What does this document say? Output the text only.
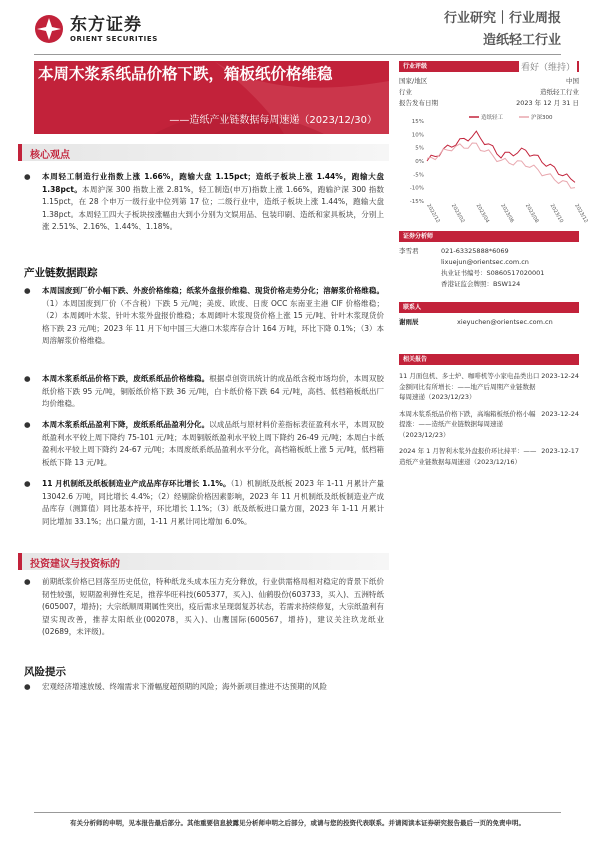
东方证券
ORIENT SECURITIES
行业研究｜行业周报
造纸轻工行业
本周木浆系纸品价格下跌，箱板纸价格维稳
——造纸产业链数据每周速递（2023/12/30）
核心观点
● 本周轻工制造行业指数上涨 1.66%，跑输大盘 1.15pct；造纸子板块上涨 1.44%，跑输大盘 1.38pct。本周沪深 300 指数上涨 2.81%，轻工制造(申万)指数上涨 1.66%，跑输沪深 300 指数 1.15pct，在 28 个申万一级行业中位列第 17 位；二级行业中，造纸子板块上涨 1.44%，跑输大盘 1.38pct。本周轻工四大子板块按涨幅由大到小分别为文娱用品、包装印刷、造纸和家具板块，分别上涨 2.51%、2.16%、1.44%、1.18%。
产业链数据跟踪
● 本周国废到厂价小幅下跌、外废价格维稳；纸浆外盘报价维稳、现货价格走势分化；溶解浆价格维稳。（1）本周国废到厂价（不含税）下跌 5 元/吨；美废、欧废、日废 OCC 东南亚主港 CIF 价格维稳；（2）本周阔叶木浆、针叶木浆外盘报价维稳；本周阔叶木浆现货价格上涨 15 元/吨、针叶木浆现货价格下跌 23 元/吨；2023 年 11 月下旬中国三大港口木浆库存合计 164 万吨，环比下降 0.1%；（3）本周溶解浆价格维稳。
● 本周木浆系纸品价格下跌，废纸系纸品价格维稳。根据卓创资讯统计的成品纸含税市场均价，本周双胶纸价格下跌 95 元/吨，铜版纸价格下跌 36 元/吨，白卡纸价格下跌 64 元/吨，高档、低档箱板纸出厂均价维稳。
● 本周木浆系纸品盈利下降，废纸系纸品盈利分化。以成品纸与原材料价差指标表征盈利水平，本周双胶纸盈利水平较上周下降约 75-101 元/吨；本周铜版纸盈利水平较上周下降约 26-49 元/吨；本周白卡纸盈利水平较上周下降约 24-67 元/吨；本周废纸系纸品盈利水平分化，高档箱板纸上涨 5 元/吨，低档箱板纸下降 13 元/吨。
● 11 月机制纸及纸板制造业产成品库存环比增长 1.1%。（1）机制纸及纸板 2023 年 1-11 月累计产量 13042.6 万吨，同比增长 4.4%；（2）经剔除价格因素影响，2023 年 11 月机制纸及纸板制造业产成品库存（测算值）同比基本持平，环比增长 1.1%；（3）纸及纸板进口量方面，2023 年 1-11 月累计同比增加 33.1%；出口量方面，1-11 月累计同比增加 6.0%。
投资建议与投资标的
● 前期纸浆价格已回落至历史低位，特种纸龙头成本压力充分释放，行业供需格局相对稳定的背景下纸价韧性较强，短期盈利弹性充足，推荐华旺科技(605377，买入)、仙鹤股份(603733，买入)、五洲特纸(605007，增持)；大宗纸顺周期属性突出，疫后需求呈现弱复苏状态，若需求持续修复，大宗纸盈利有望实现改善，推荐太阳纸业(002078，买入)、山鹰国际(600567，增持)，建议关注玖龙纸业(02689，未评级)。
风险提示
● 宏观经济增速放缓、终端需求下滑幅度超预期的风险；海外新项目推进不达预期的风险
行业评级	看好（维持）
国家/地区	中国
行业	造纸轻工行业
报告发布日期	2023 年 12 月 31 日
15%
10%
5%
0%
-5%
-10%
-15%
2022/12 2023/02 2023/04 2023/06 2023/08 2023/10 2023/12
造纸轻工	沪深300
证券分析师
李雪君	021-63325888*6069
lixuejun@orientsec.com.cn
执业证书编号：S0860517020001
香港证监会牌照：BSW124
联系人
谢雨辰	xieyuchen@orientsec.com.cn
相关报告
11 月面包机、多士炉、咖啡机等小家电品类出口金额同比有所增长：——地产后周期产业链数据每周速递（2023/12/23）
2023-12-24
本周木浆系纸品价格下跌，高端箱板纸价格小幅提涨：——造纸产业链数据每周速递（2023/12/23）
2023-12-24
2024 年 1 月智利木浆外盘报价环比持平：——造纸产业链数据每周速递（2023/12/16）
2023-12-17
有关分析师的申明，见本报告最后部分。其他重要信息披露见分析师申明之后部分，或请与您的投资代表联系。并请阅读本证券研究报告最后一页的免责申明。
